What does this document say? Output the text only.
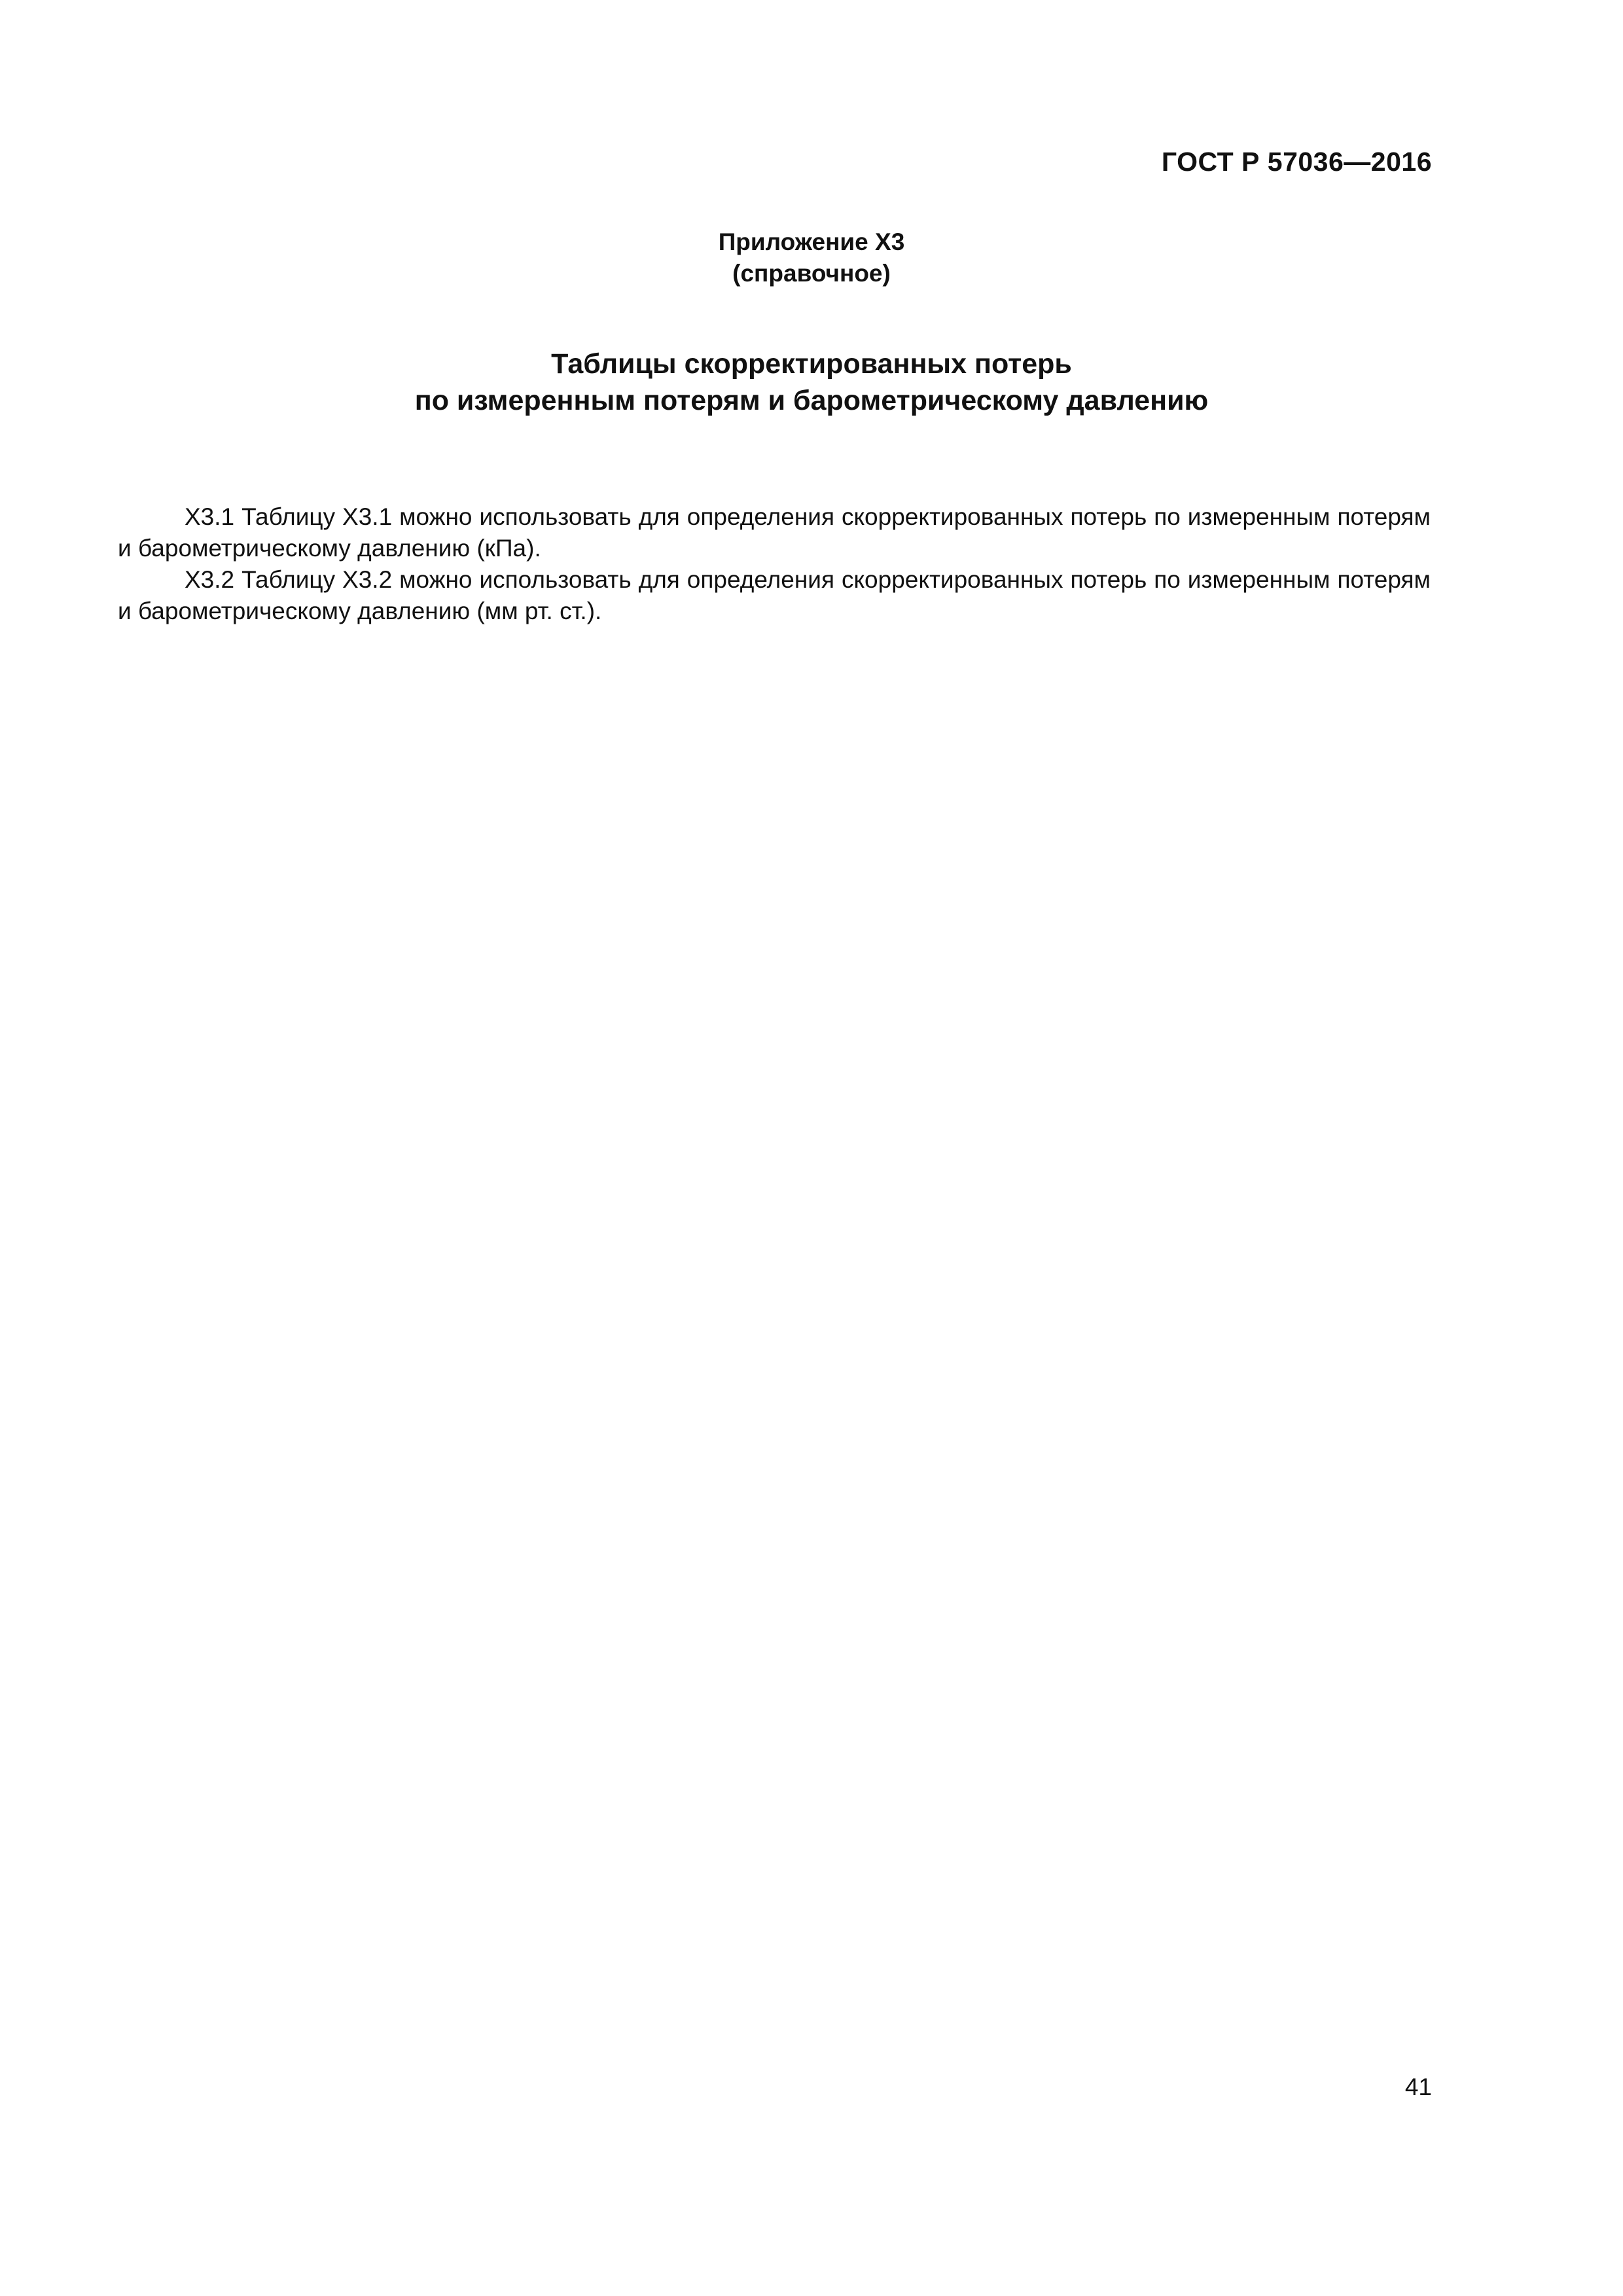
ГОСТ Р 57036—2016
Приложение Х3
(справочное)
Таблицы скорректированных потерь
по измеренным потерям и барометрическому давлению
Х3.1 Таблицу Х3.1 можно использовать для определения скорректированных потерь по измеренным потерям
и барометрическому давлению (кПа).
Х3.2 Таблицу Х3.2 можно использовать для определения скорректированных потерь по измеренным потерям
и барометрическому давлению (мм рт. ст.).
41
